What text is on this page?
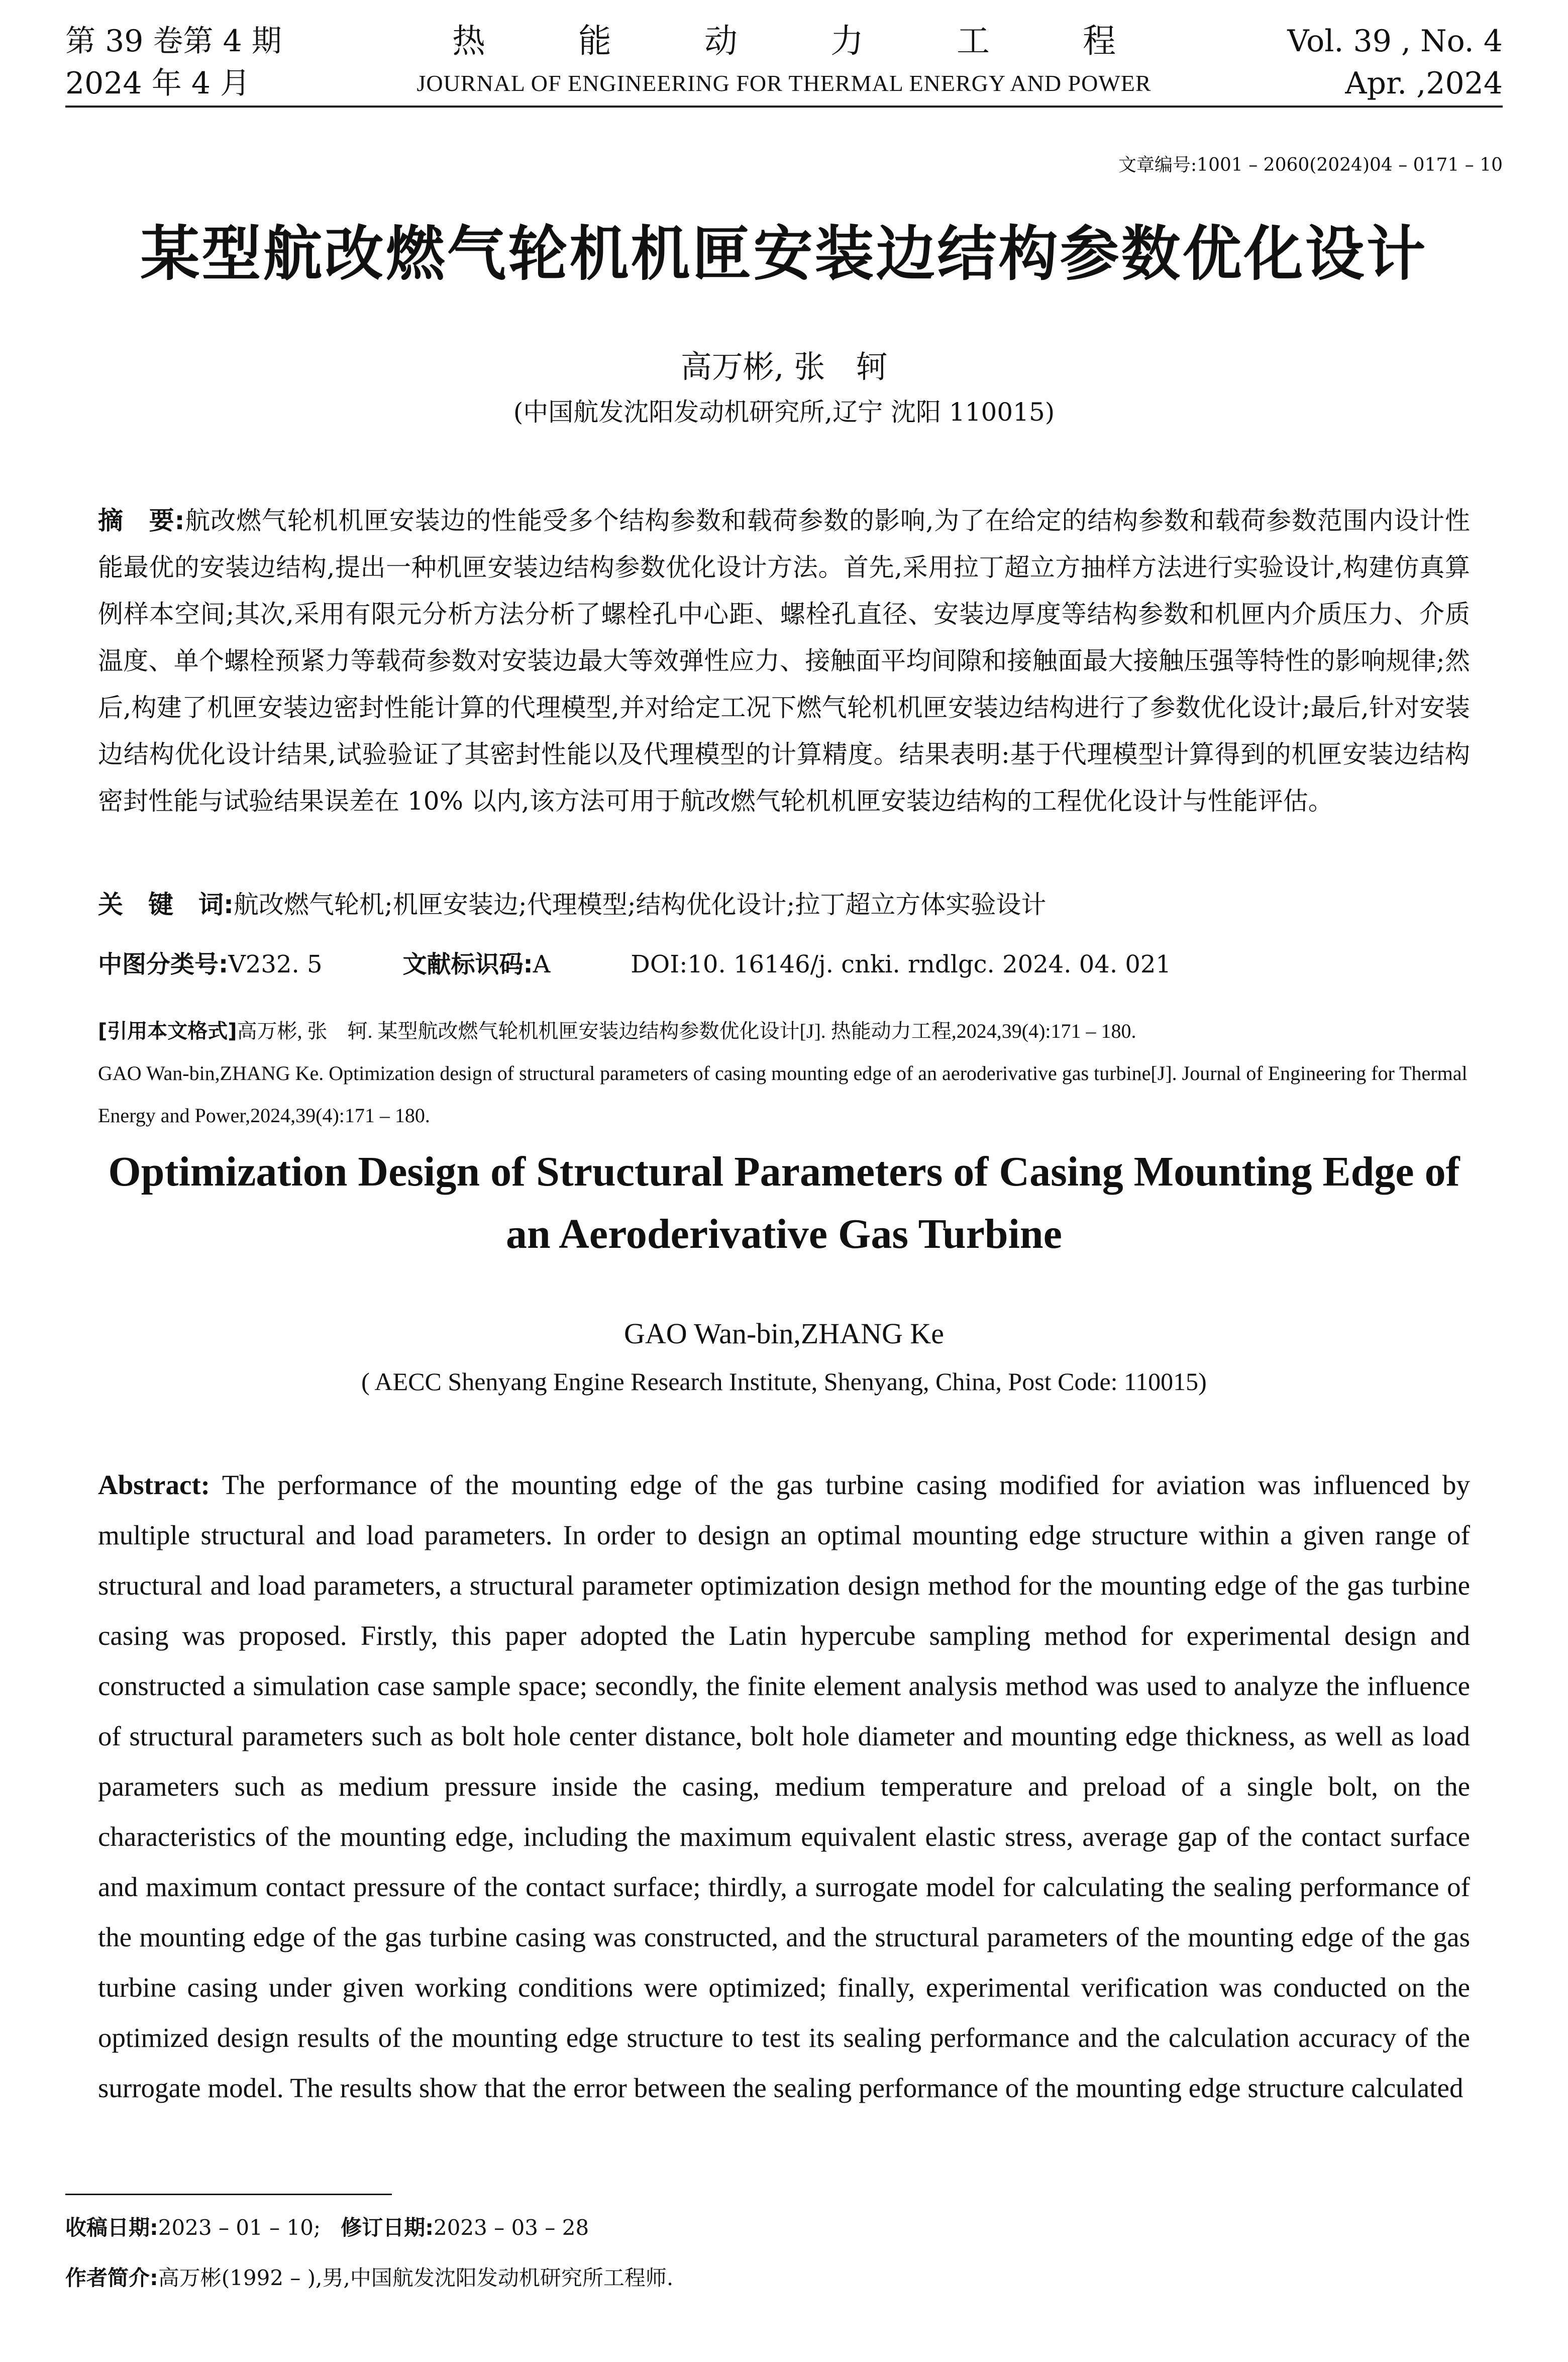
第 39 卷第 4 期
2024 年 4 月
热	能	动	力	工	程
JOURNAL OF ENGINEERING FOR THERMAL ENERGY AND POWER
Vol. 39 , No. 4
Apr. ,2024
文章编号:1001 – 2060(2024)04 – 0171 – 10
某型航改燃气轮机机匣安装边结构参数优化设计
高万彬, 张　轲
(中国航发沈阳发动机研究所,辽宁 沈阳 110015)
摘　要:航改燃气轮机机匣安装边的性能受多个结构参数和载荷参数的影响,为了在给定的结构参数和载荷参数范围内设计性能最优的安装边结构,提出一种机匣安装边结构参数优化设计方法。首先,采用拉丁超立方抽样方法进行实验设计,构建仿真算例样本空间;其次,采用有限元分析方法分析了螺栓孔中心距、螺栓孔直径、安装边厚度等结构参数和机匣内介质压力、介质温度、单个螺栓预紧力等载荷参数对安装边最大等效弹性应力、接触面平均间隙和接触面最大接触压强等特性的影响规律;然后,构建了机匣安装边密封性能计算的代理模型,并对给定工况下燃气轮机机匣安装边结构进行了参数优化设计;最后,针对安装边结构优化设计结果,试验验证了其密封性能以及代理模型的计算精度。结果表明:基于代理模型计算得到的机匣安装边结构密封性能与试验结果误差在 10% 以内,该方法可用于航改燃气轮机机匣安装边结构的工程优化设计与性能评估。
关　键　词:航改燃气轮机;机匣安装边;代理模型;结构优化设计;拉丁超立方体实验设计
中图分类号:V232. 5	文献标识码:A	DOI:10. 16146/j. cnki. rndlgc. 2024. 04. 021
[引用本文格式]高万彬, 张　轲. 某型航改燃气轮机机匣安装边结构参数优化设计[J]. 热能动力工程,2024,39(4):171 – 180.
GAO Wan-bin,ZHANG Ke. Optimization design of structural parameters of casing mounting edge of an aeroderivative gas turbine[J]. Journal of Engineering for Thermal Energy and Power,2024,39(4):171 – 180.
Optimization Design of Structural Parameters of Casing Mounting Edge of
an Aeroderivative Gas Turbine
GAO Wan-bin,ZHANG Ke
( AECC Shenyang Engine Research Institute, Shenyang, China, Post Code: 110015)
Abstract: The performance of the mounting edge of the gas turbine casing modified for aviation was influenced by multiple structural and load parameters. In order to design an optimal mounting edge structure within a given range of structural and load parameters, a structural parameter optimization design method for the mounting edge of the gas turbine casing was proposed. Firstly, this paper adopted the Latin hypercube sampling method for experimental design and constructed a simulation case sample space; secondly, the finite element analysis method was used to analyze the influence of structural parameters such as bolt hole center distance, bolt hole diameter and mounting edge thickness, as well as load parameters such as medium pressure inside the casing, medium temperature and preload of a single bolt, on the characteristics of the mounting edge, including the maximum equivalent elastic stress, average gap of the contact surface and maximum contact pressure of the contact surface; thirdly, a surrogate model for calculating the sealing performance of the mounting edge of the gas turbine casing was constructed, and the structural parameters of the mounting edge of the gas turbine casing under given working conditions were optimized; finally, experimental verification was conducted on the optimized design results of the mounting edge structure to test its sealing performance and the calculation accuracy of the surrogate model. The results show that the error between the sealing performance of the mounting edge structure calculated
收稿日期:2023 – 01 – 10; 修订日期:2023 – 03 – 28
作者简介:高万彬(1992 – ),男,中国航发沈阳发动机研究所工程师.
